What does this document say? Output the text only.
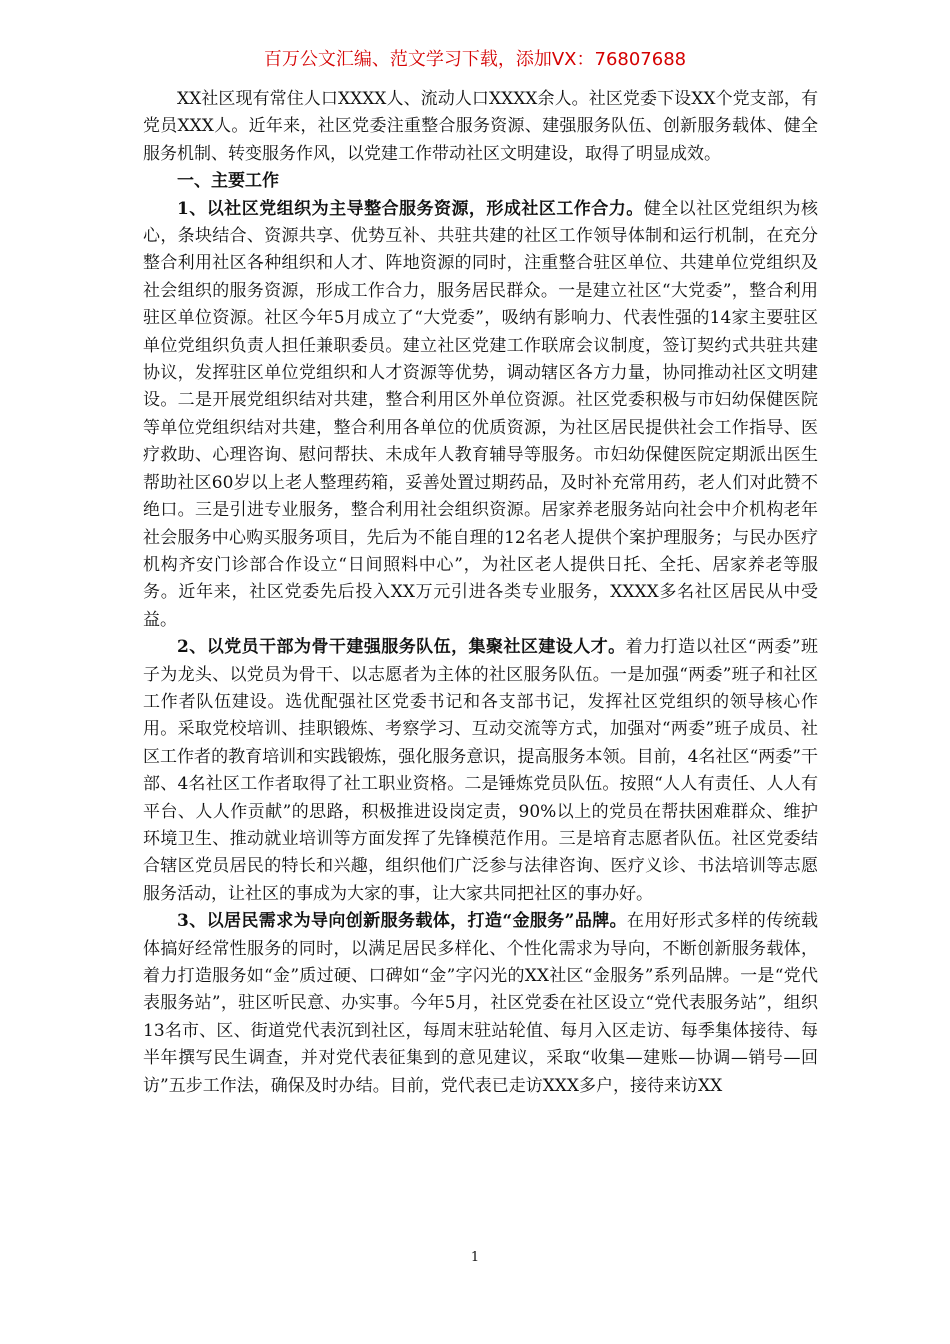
百万公文汇编、范文学习下载，添加VX：76807688

XX社区现有常住人口XXXX人、流动人口XXXX余人。社区党委下设XX个党支部，有党员XXX人。近年来，社区党委注重整合服务资源、建强服务队伍、创新服务载体、健全服务机制、转变服务作风，以党建工作带动社区文明建设，取得了明显成效。

一、主要工作

1、以社区党组织为主导整合服务资源，形成社区工作合力。健全以社区党组织为核心，条块结合、资源共享、优势互补、共驻共建的社区工作领导体制和运行机制，在充分整合利用社区各种组织和人才、阵地资源的同时，注重整合驻区单位、共建单位党组织及社会组织的服务资源，形成工作合力，服务居民群众。一是建立社区“大党委”，整合利用驻区单位资源。社区今年5月成立了“大党委”，吸纳有影响力、代表性强的14家主要驻区单位党组织负责人担任兼职委员。建立社区党建工作联席会议制度，签订契约式共驻共建协议，发挥驻区单位党组织和人才资源等优势，调动辖区各方力量，协同推动社区文明建设。二是开展党组织结对共建，整合利用区外单位资源。社区党委积极与市妇幼保健医院等单位党组织结对共建，整合利用各单位的优质资源，为社区居民提供社会工作指导、医疗救助、心理咨询、慰问帮扶、未成年人教育辅导等服务。市妇幼保健医院定期派出医生帮助社区60岁以上老人整理药箱，妥善处置过期药品，及时补充常用药，老人们对此赞不绝口。三是引进专业服务，整合利用社会组织资源。居家养老服务站向社会中介机构老年社会服务中心购买服务项目，先后为不能自理的12名老人提供个案护理服务；与民办医疗机构齐安门诊部合作设立“日间照料中心”，为社区老人提供日托、全托、居家养老等服务。近年来，社区党委先后投入XX万元引进各类专业服务，XXXX多名社区居民从中受益。

2、以党员干部为骨干建强服务队伍，集聚社区建设人才。着力打造以社区“两委”班子为龙头、以党员为骨干、以志愿者为主体的社区服务队伍。一是加强“两委”班子和社区工作者队伍建设。选优配强社区党委书记和各支部书记，发挥社区党组织的领导核心作用。采取党校培训、挂职锻炼、考察学习、互动交流等方式，加强对“两委”班子成员、社区工作者的教育培训和实践锻炼，强化服务意识，提高服务本领。目前，4名社区“两委”干部、4名社区工作者取得了社工职业资格。二是锤炼党员队伍。按照“人人有责任、人人有平台、人人作贡献”的思路，积极推进设岗定责，90%以上的党员在帮扶困难群众、维护环境卫生、推动就业培训等方面发挥了先锋模范作用。三是培育志愿者队伍。社区党委结合辖区党员居民的特长和兴趣，组织他们广泛参与法律咨询、医疗义诊、书法培训等志愿服务活动，让社区的事成为大家的事，让大家共同把社区的事办好。

3、以居民需求为导向创新服务载体，打造“金服务”品牌。在用好形式多样的传统载体搞好经常性服务的同时，以满足居民多样化、个性化需求为导向，不断创新服务载体，着力打造服务如“金”质过硬、口碑如“金”字闪光的XX社区“金服务”系列品牌。一是“党代表服务站”，驻区听民意、办实事。今年5月，社区党委在社区设立“党代表服务站”，组织13名市、区、街道党代表沉到社区，每周末驻站轮值、每月入区走访、每季集体接待、每半年撰写民生调查，并对党代表征集到的意见建议，采取“收集—建账—协调—销号—回访”五步工作法，确保及时办结。目前，党代表已走访XXX多户，接待来访XX

1
